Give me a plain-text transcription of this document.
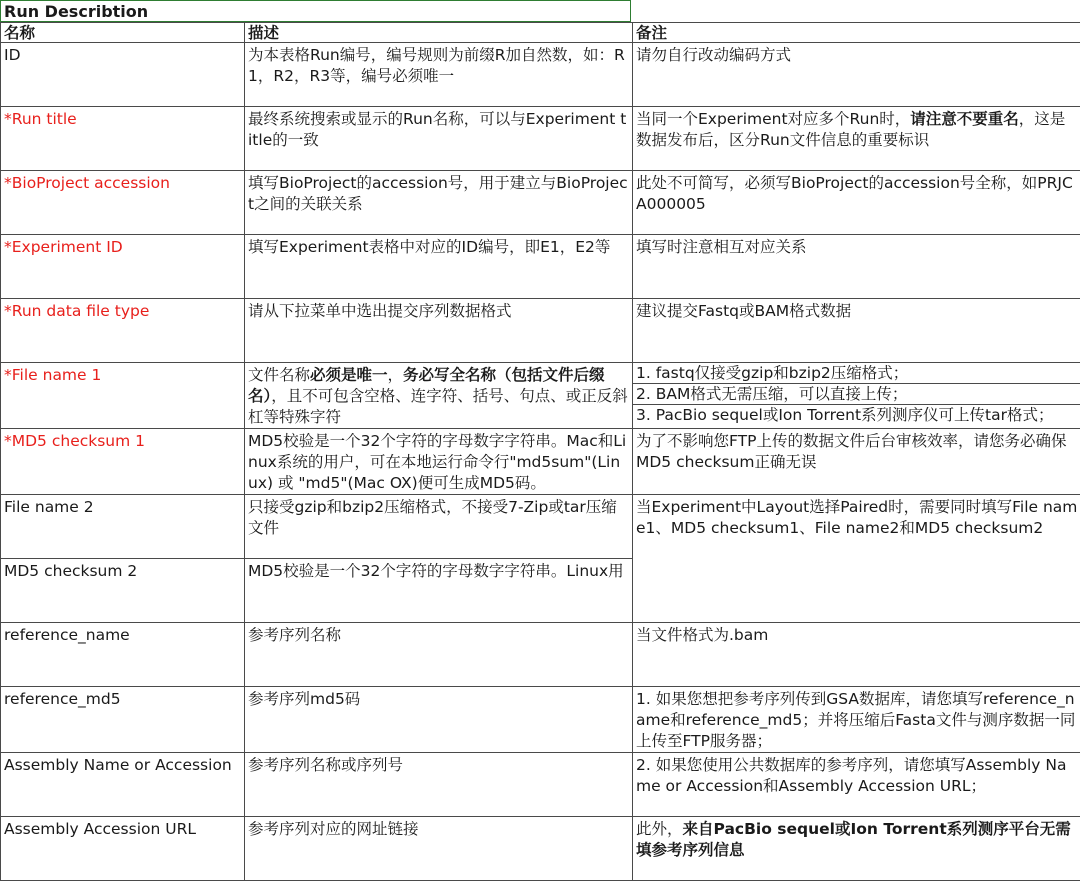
Run Describtion
名称	描述	备注
ID	为本表格Run编号，编号规则为前缀R加自然数，如：R1，R2，R3等，编号必须唯一	请勿自行改动编码方式
*Run title	最终系统搜索或显示的Run名称，可以与Experiment title的一致	当同一个Experiment对应多个Run时，请注意不要重名，这是数据发布后，区分Run文件信息的重要标识
*BioProject accession	填写BioProject的accession号，用于建立与BioProject之间的关联关系	此处不可简写，必须写BioProject的accession号全称，如PRJCA000005
*Experiment ID	填写Experiment表格中对应的ID编号，即E1，E2等	填写时注意相互对应关系
*Run data file type	请从下拉菜单中选出提交序列数据格式	建议提交Fastq或BAM格式数据
*File name 1	文件名称必须是唯一，务必写全名称（包括文件后缀名），且不可包含空格、连字符、括号、句点、或正反斜杠等特殊字符	1. fastq仅接受gzip和bzip2压缩格式；
2. BAM格式无需压缩，可以直接上传；
3. PacBio sequel或Ion Torrent系列测序仪可上传tar格式；

*MD5 checksum 1	MD5校验是一个32个字符的字母数字字符串。Mac和Linux系统的用户，可在本地运行命令行"md5sum"(Linux) 或 "md5"(Mac OX)便可生成MD5码。	为了不影响您FTP上传的数据文件后台审核效率，请您务必确保MD5 checksum正确无误
File name 2	只接受gzip和bzip2压缩格式，不接受7-Zip或tar压缩文件	当Experiment中Layout选择Paired时，需要同时填写File name1、MD5 checksum1、File name2和MD5 checksum2
MD5 checksum 2	MD5校验是一个32个字符的字母数字字符串。Linux用	
reference_name	参考序列名称	当文件格式为.bam
reference_md5	参考序列md5码	1. 如果您想把参考序列传到GSA数据库，请您填写reference_name和reference_md5；并将压缩后Fasta文件与测序数据一同上传至FTP服务器；
Assembly Name or Accession	参考序列名称或序列号	2. 如果您使用公共数据库的参考序列，请您填写Assembly Name or Accession和Assembly Accession URL；
Assembly Accession URL	参考序列对应的网址链接	此外，来自PacBio sequel或Ion Torrent系列测序平台无需填参考序列信息
